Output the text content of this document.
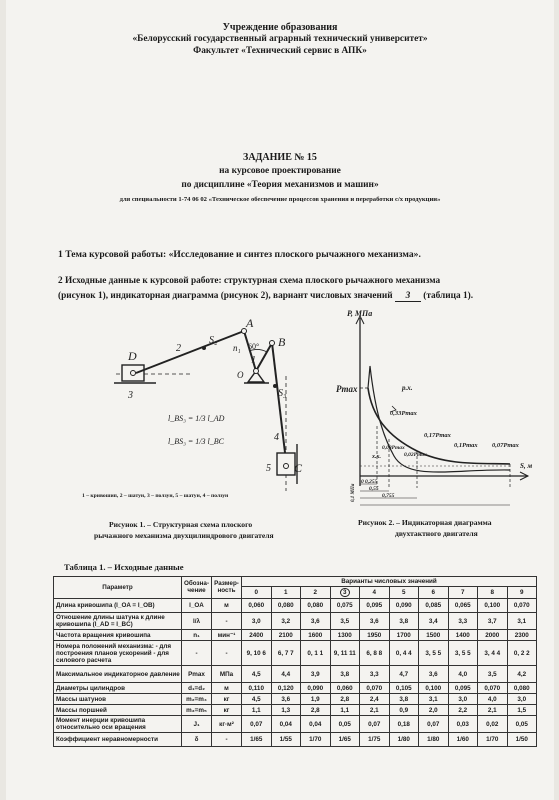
Учреждение образования
«Белорусский государственный аграрный технический университет»
Факультет «Технический сервис в АПК»
ЗАДАНИЕ № 15
на курсовое проектирование
по дисциплине «Теория механизмов и машин»
для специальности 1-74 06 02 «Техническое обеспечение процессов хранения и переработки с/х продукции»
1 Тема курсовой работы: «Исследование и синтез плоского рычажного механизма».
2 Исходные данные к курсовой работе: структурная схема плоского рычажного механизма
(рисунок 1), индикаторная диаграмма (рисунок 2), вариант числовых значений 3 (таблица 1).
D
A
B
C
O
S₂
S₃
n₁ 60°
2
1
3
4
5
l_BS₃ = 1/3 l_AD
l_BS₃ = 1/3 l_BC
1 – кривошип, 2 – шатун, 3 – ползун, 5 – шатун, 4 – ползун
Рисунок 1. – Структурная схема плоского
рычажного механизма двухцилиндрового двигателя
P, МПа
Pmax
S, м
р.х.
х.х.
0,33Pmax
0,17Pmax
0,1Pmax 0,07Pmax
0,08Pmax
0,02Pmax
0,255
0,55
0,755
0
0,1 МПа
Рисунок 2. – Индикаторная диаграмма
двухтактного двигателя
Таблица 1. – Исходные данные
Параметр	Обозна-чение	Размер-ность	Варианты числовых значений									
			0	1	2	3	4	5	6	7	8	9
Длина кривошипа (l_OA = l_OB)	l_OA	м	0,060	0,080	0,080	0,075	0,095	0,090	0,085	0,065	0,100	0,070
Отношение длины шатуна к длине кривошипа (l_AD = l_BC)	l/λ	-	3,0	3,2	3,6	3,5	3,6	3,8	3,4	3,3	3,7	3,1
Частота вращения кривошипа	n₁	мин⁻¹	2400	2100	1600	1300	1950	1700	1500	1400	2000	2300
Номера положений механизма: - для построения планов ускорений - для силового расчета	-	-	9, 10 6	6, 7 7	0, 1 1	9, 11 11	6, 8 8	0, 4 4	3, 5 5	3, 5 5	3, 4 4	0, 2 2
Максимальное индикаторное давление	Pmax	МПа	4,5	4,4	3,9	3,8	3,3	4,7	3,6	4,0	3,5	4,2
Диаметры цилиндров	d₁=d₂	м	0,110	0,120	0,090	0,060	0,070	0,105	0,100	0,095	0,070	0,080
Массы шатунов	m₂=m₄	кг	4,5	3,6	1,9	2,8	2,4	3,8	3,1	3,0	4,0	3,0
Массы поршней	m₃=m₅	кг	1,1	1,3	2,8	1,1	2,1	0,9	2,0	2,2	2,1	1,5
Момент инерции кривошипа относительно оси вращения	J₁	кг·м²	0,07	0,04	0,04	0,05	0,07	0,18	0,07	0,03	0,02	0,05
Коэффициент неравномерности	δ	-	1/65	1/55	1/70	1/65	1/75	1/80	1/80	1/60	1/70	1/50
